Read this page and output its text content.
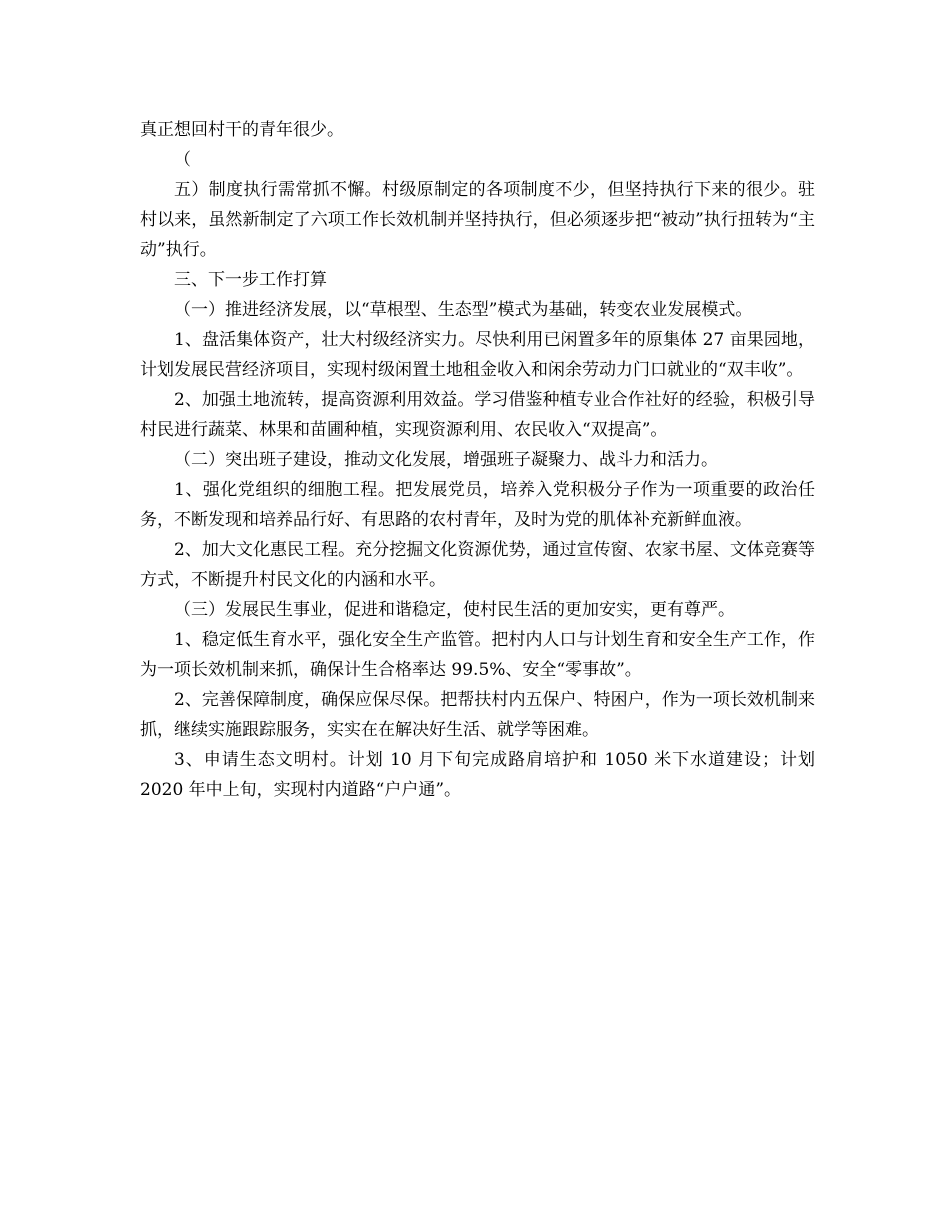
真正想回村干的青年很少。

（

五）制度执行需常抓不懈。村级原制定的各项制度不少，但坚持执行下来的很少。驻村以来，虽然新制定了六项工作长效机制并坚持执行，但必须逐步把“被动”执行扭转为“主动”执行。

三、下一步工作打算

（一）推进经济发展，以“草根型、生态型”模式为基础，转变农业发展模式。

1、盘活集体资产，壮大村级经济实力。尽快利用已闲置多年的原集体 27 亩果园地，计划发展民营经济项目，实现村级闲置土地租金收入和闲余劳动力门口就业的“双丰收”。

2、加强土地流转，提高资源利用效益。学习借鉴种植专业合作社好的经验，积极引导村民进行蔬菜、林果和苗圃种植，实现资源利用、农民收入“双提高”。

（二）突出班子建设，推动文化发展，增强班子凝聚力、战斗力和活力。

1、强化党组织的细胞工程。把发展党员，培养入党积极分子作为一项重要的政治任务，不断发现和培养品行好、有思路的农村青年，及时为党的肌体补充新鲜血液。

2、加大文化惠民工程。充分挖掘文化资源优势，通过宣传窗、农家书屋、文体竞赛等方式，不断提升村民文化的内涵和水平。

（三）发展民生事业，促进和谐稳定，使村民生活的更加安实，更有尊严。

1、稳定低生育水平，强化安全生产监管。把村内人口与计划生育和安全生产工作，作为一项长效机制来抓，确保计生合格率达 99.5%、安全“零事故”。

2、完善保障制度，确保应保尽保。把帮扶村内五保户、特困户，作为一项长效机制来抓，继续实施跟踪服务，实实在在解决好生活、就学等困难。

3、申请生态文明村。计划 10 月下旬完成路肩培护和 1050 米下水道建设；计划 2020 年中上旬，实现村内道路“户户通”。
